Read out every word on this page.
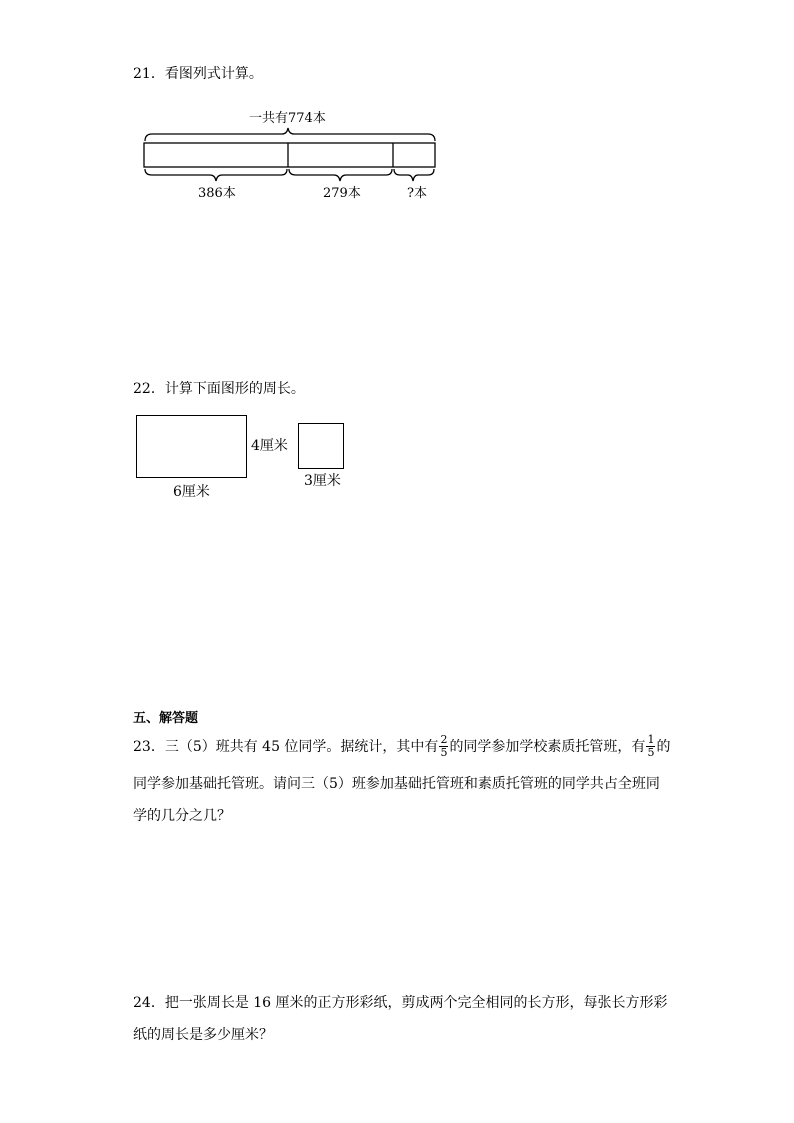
21．看图列式计算。
一共有774本
386本	279本	?本
22．计算下面图形的周长。
4厘米
6厘米
3厘米
五、解答题
23．三（5）班共有 45 位同学。据统计，其中有 $\frac{2}{5}$ 的同学参加学校素质托管班，有 $\frac{1}{5}$ 的
同学参加基础托管班。请问三（5）班参加基础托管班和素质托管班的同学共占全班同
学的几分之几？
24．把一张周长是 16 厘米的正方形彩纸，剪成两个完全相同的长方形，每张长方形彩
纸的周长是多少厘米？
